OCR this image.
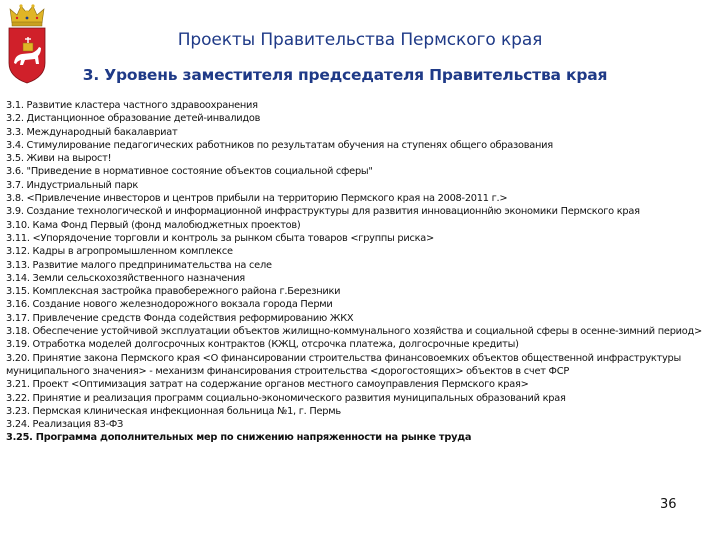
Проекты Правительства Пермского края
3. Уровень заместителя председателя Правительства края
3.1. Развитие кластера частного здравоохранения
3.2. Дистанционное образование детей-инвалидов
3.3. Международный бакалавриат
3.4. Стимулирование педагогических работников по результатам обучения на ступенях общего образования
3.5. Живи на вырост!
3.6. "Приведение в нормативное состояние объектов социальной сферы"
3.7. Индустриальный парк
3.8. <Привлечение инвесторов и центров прибыли на территорию Пермского края на 2008-2011 г.>
3.9. Создание технологической и информационной инфраструктуры для развития инновационнйю экономики Пермского края
3.10. Кама Фонд Первый (фонд малобюджетных проектов)
3.11. <Упорядочение торговли и контроль за рынком сбыта товаров <группы риска>
3.12. Кадры в агропромышленном комплексе
3.13. Развитие малого предпринимательства на селе
3.14. Земли сельскохозяйственного назначения
3.15. Комплексная застройка правобережного района г.Березники
3.16. Создание нового железнодорожного вокзала города Перми
3.17. Привлечение средств Фонда содействия реформированию ЖКХ
3.18. Обеспечение устойчивой эксплуатации объектов жилищно-коммунального хозяйства и социальной сферы в осенне-зимний период>
3.19. Отработка моделей долгосрочных контрактов (КЖЦ, отсрочка платежа, долгосрочные кредиты)
3.20. Принятие закона Пермского края <О финансировании строительства финансовоемких объектов общественной инфраструктуры муниципального значения> - механизм финансирования строительства <дорогостоящих> объектов в счет ФСР
3.21. Проект <Оптимизация затрат на содержание органов местного самоуправления Пермского края>
3.22. Принятие и реализация программ социально-экономического развития муниципальных образований края
3.23. Пермская клиническая инфекционная больница №1, г. Пермь
3.24. Реализация 83-ФЗ
3.25. Программа дополнительных мер по снижению напряженности на рынке труда
36
